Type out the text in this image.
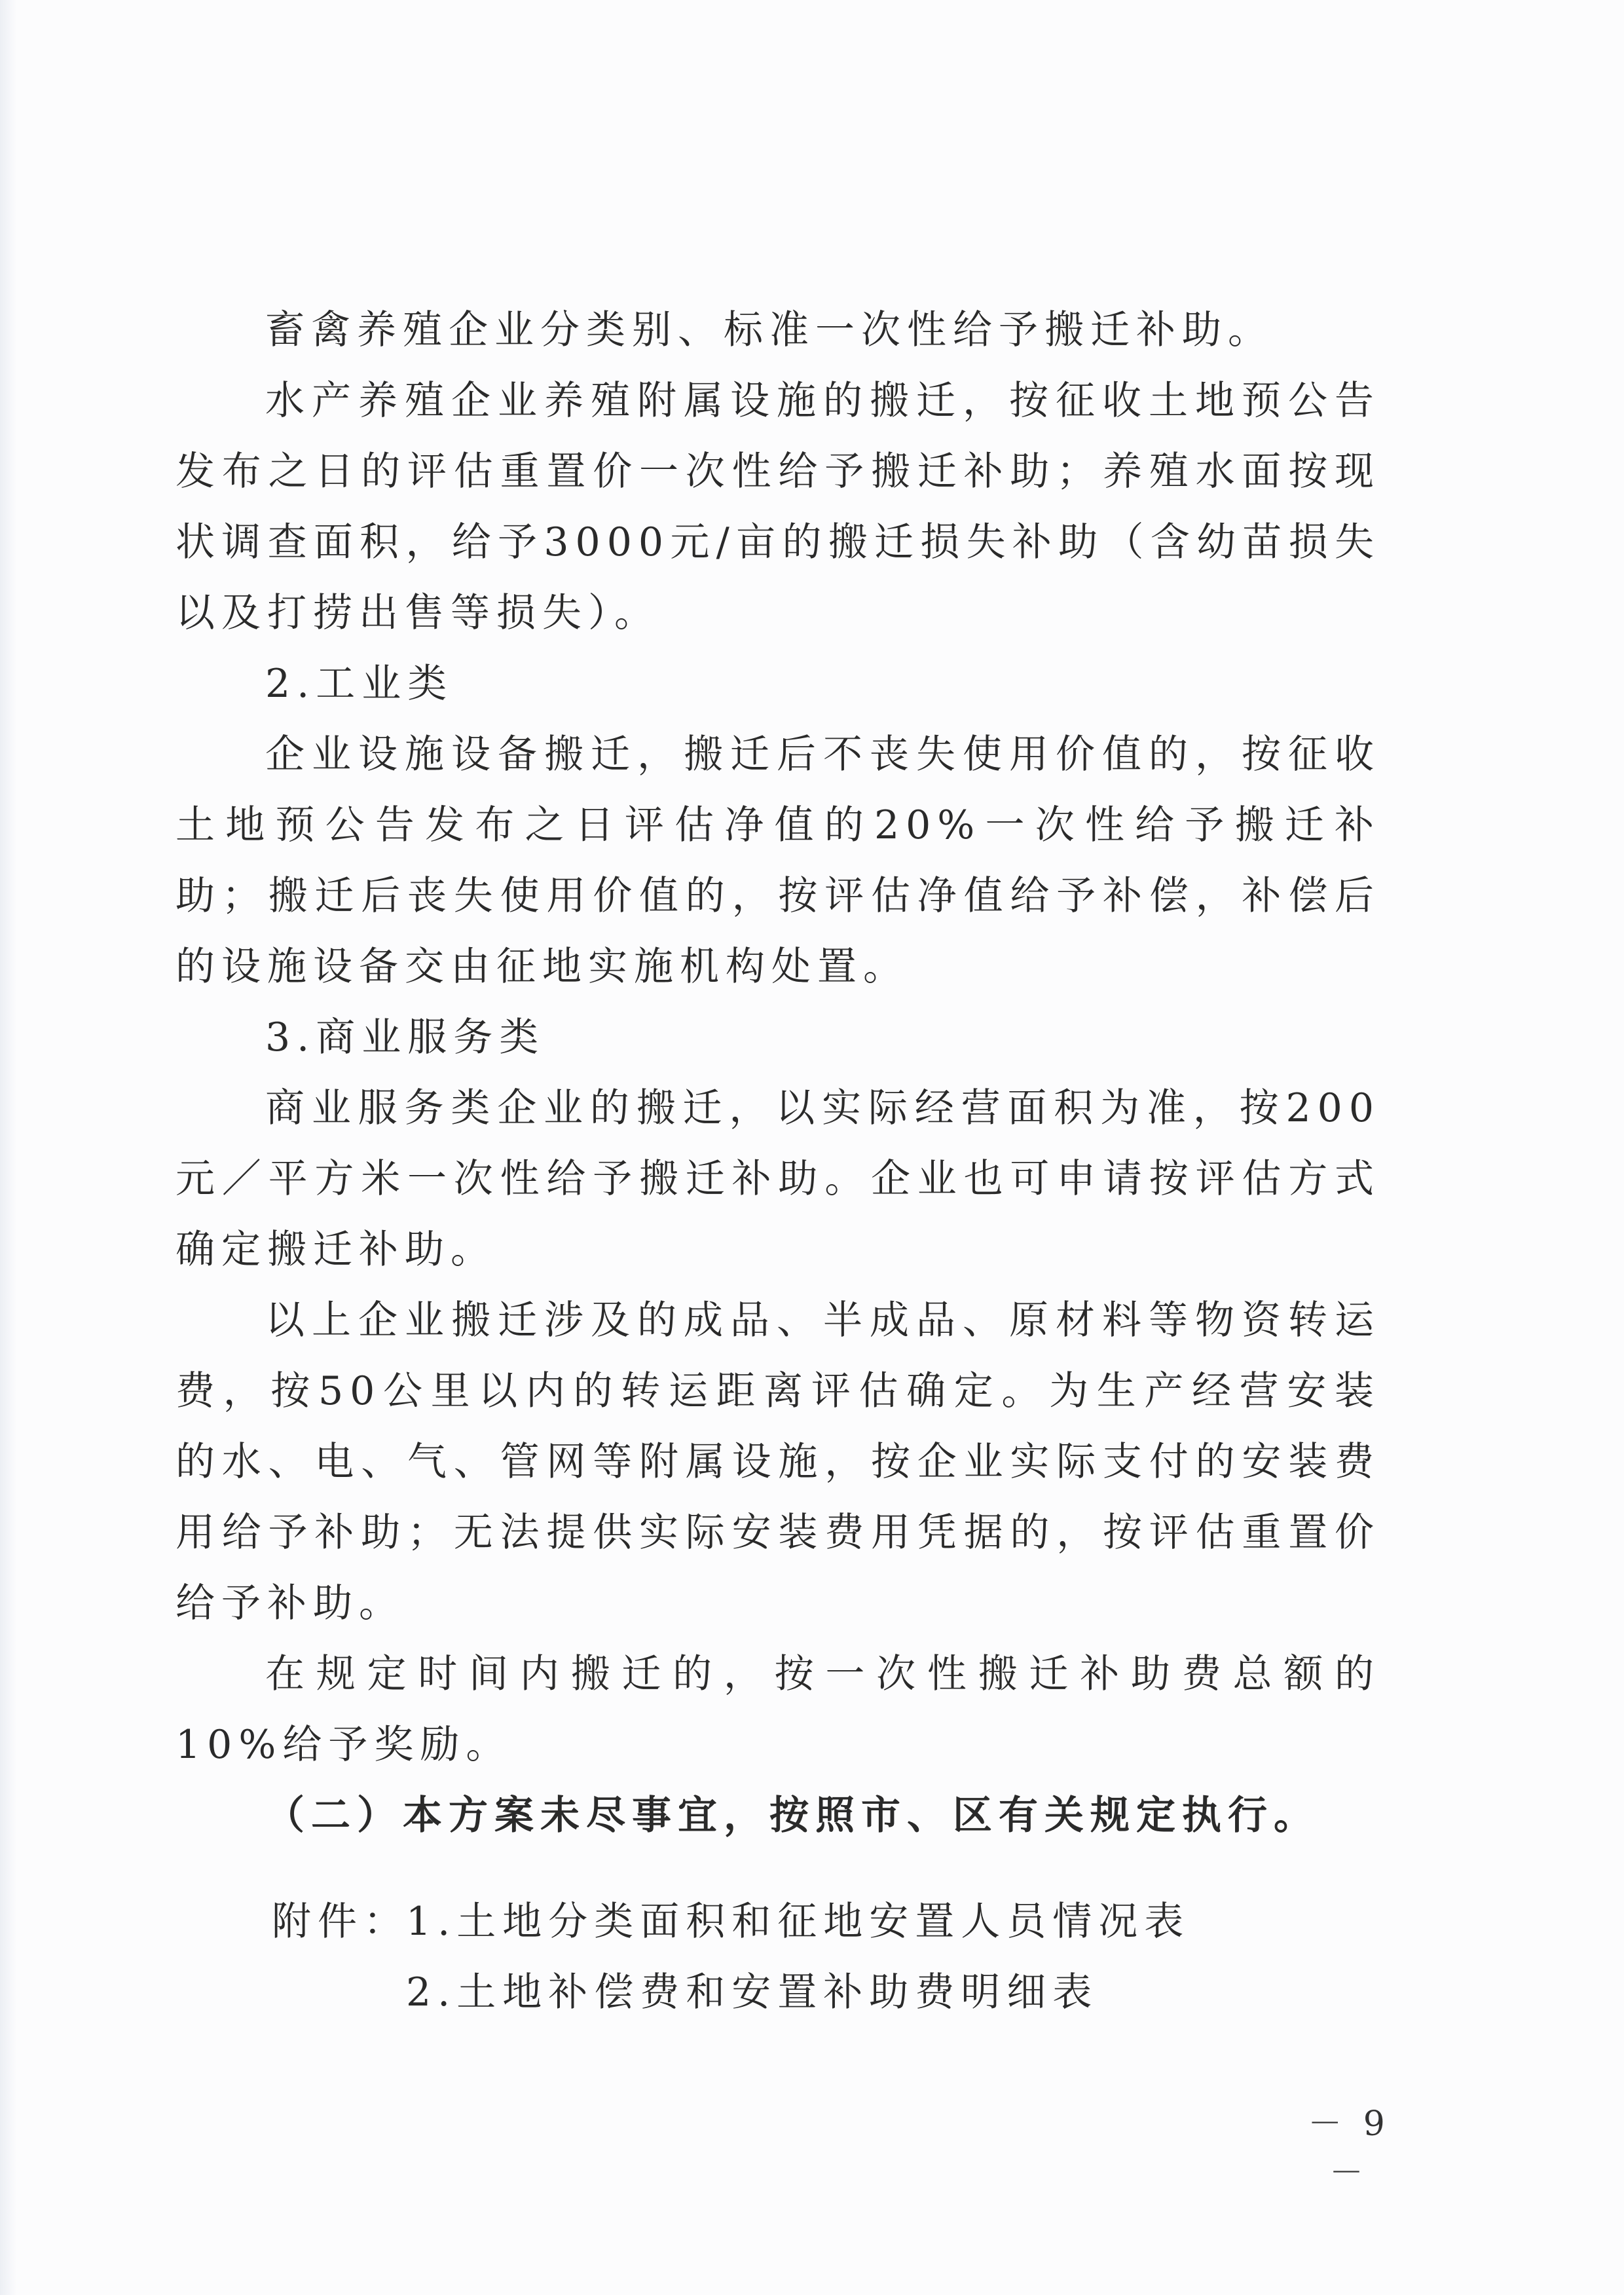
畜禽养殖企业分类别、标准一次性给予搬迁补助。

水产养殖企业养殖附属设施的搬迁，按征收土地预公告发布之日的评估重置价一次性给予搬迁补助；养殖水面按现状调查面积，给予3000元/亩的搬迁损失补助（含幼苗损失以及打捞出售等损失）。

2.工业类

企业设施设备搬迁，搬迁后不丧失使用价值的，按征收土地预公告发布之日评估净值的20%一次性给予搬迁补助；搬迁后丧失使用价值的，按评估净值给予补偿，补偿后的设施设备交由征地实施机构处置。

3.商业服务类

商业服务类企业的搬迁，以实际经营面积为准，按200元／平方米一次性给予搬迁补助。企业也可申请按评估方式确定搬迁补助。

以上企业搬迁涉及的成品、半成品、原材料等物资转运费，按50公里以内的转运距离评估确定。为生产经营安装的水、电、气、管网等附属设施，按企业实际支付的安装费用给予补助；无法提供实际安装费用凭据的，按评估重置价给予补助。

在规定时间内搬迁的，按一次性搬迁补助费总额的10%给予奖励。

（二）本方案未尽事宜，按照市、区有关规定执行。

附件：
1.土地分类面积和征地安置人员情况表
2.土地补偿费和安置补助费明细表
－ 9 －
